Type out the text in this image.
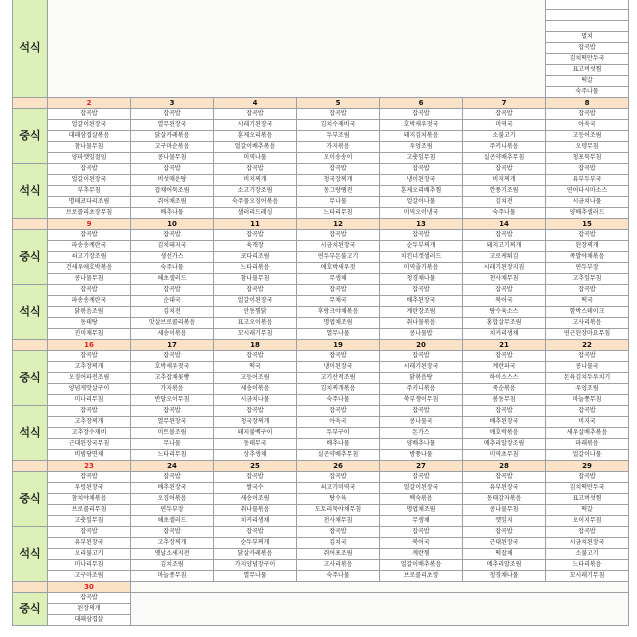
석식							

							멸치
							잡곡밥
							김치떡만두국
							표고버섯찜
							떡갈
							숙주나물
	2	3	4	5	6	7	8
중식	잡곡밥	잡곡밥	잡곡밥	잡곡밥	잡곡밥	잡곡밥	잡곡밥
	얼갈이된장국	열무된장국	시래기된장국	김치수제비국	호박새우젓국	미역국	아욱국
	대패삼겹살볶음	닭살카레볶음	훈제오리볶음	두부조림	돼지김치볶음	소불고기	고등어조림
	참나물무침	고구마순볶음	얼갈이배추볶음	가지볶음	우엉조림	주키니볶음	오뎅무침
	양파깻잎절임	콩나물무침	미역나물	오이송송이	고춧잎무침	실곤약배추무침	청포묵무침
석식	잡곡밥	잡곡밥	잡곡밥	잡곡밥	잡곡밥	잡곡밥	잡곡밥
	얼갈이된장국	버섯매운탕	비지찌개	청국장찌개	냉이된장국	비지찌개	유부두부국
	부추무침	잡채어묵조림	소고기장조림	동그랑땡전	훈제오리배추찜	깐풍기조림	연어다시마소스
	명태코다리조림	쥐어채조림	숙주물오징어볶음	무나물	얼갈이나물	김치전	시금치나물
	브로콜리초장무침	배추나물	샐러리드레싱	느타리무침	미역오이냉국	숙주나물	양배추샐러드
	9	10	11	12	13	14	15
중식	잡곡밥	잡곡밥	잡곡밥	잡곡밥	잡곡밥	잡곡밥	잡곡밥
	파송송계란국	김치돼지국	육개장	시금치된장국	순두부찌개	돼지고기찌개	된장찌개
	쇠고기장조림	생선가스	코다리조림	연두부돈불고기	치킨너겟샐러드	고로케튀김	족발야채볶음
	건새우애호박볶음	숙주나물	느타리볶음	애호박새우젓	미역줄기볶음	시래기된장지짐	연두부장
	콩나물무침	해초샐러드	참나물무침	무생채	청경채나물	천사채무침	고추잎무침
석식	잡곡밥	잡곡밥	잡곡밥	잡곡밥	잡곡밥	잡곡밥	잡곡밥
	파송송계란국	순대국	얼갈이된장국	무채국	배추된장국	북어국	떡국
	닭볶음조림	김치전	안동찜닭	후랑크야채볶음	계란장조림	탕수육소스	함박스테이크
	동태탕	맛살브로콜리볶음	표고오이볶음	명엽채조림	취나물볶음	홍합살무조림	고사리볶음
	진미채무침	세송이볶음	꼬시래기무침	열무나물	콩나물밥	치커리생채	연근된장마요무침
	16	17	18	19	20	21	22
중식	잡곡밥	잡곡밥	잡곡밥	잡곡밥	잡곡밥	잡곡밥	잡곡밥
	고추장찌개	호박새우젓국	떡국	냉이된장국	시래기된장국	계란파국	콩나물국
	오징어파전조림	고추잡채꽃빵	고등어조림	고기산적조림	닭볶음탕	하이소스스	돈육김치두루치기
	양념게맛살구이	가지볶음	세송이볶음	김치찌개볶음	주키니볶음	죽순볶음	우엉조림
	미나리무침	반달오이무침	시금치나물	숙주나물	쑥부쟁이무침	봄동무침	마늘쫑무침
석식	잡곡밥	잡곡밥	잡곡밥	잡곡밥	잡곡밥	잡곡밥	잡곡밥
	고추장찌개	열무된장국	청국장찌개	아욱국	콩나물국	배추된장국	비지국
	고추장수재비	미트볼조림	돼지불백구이	두부구이	돈가스	애호박볶음	새우살배추볶음
	근대된장국무침	무나물	동태무국	배추나물	양배추나물	메추리알장조림	파래볶음
	비빔당면채	느타리무침	상추생채	실곤약배추무침	방풍나물	미역초무침	얼갈이나물
	23	24	25	26	27	28	29
중식	잡곡밥	잡곡밥	잡곡밥	잡곡밥	잡곡밥	잡곡밥	잡곡밥
	우렁된장국	배추된장국	쌀국수	쇠고기미역국	얼갈이된장국	유부된장국	김치떡만두국
	참치야채볶음	오징어볶음	새송이조림	탕수육	백숙볶음	동태감자볶음	표고버섯찜
	브로콜리무침	연두부장	취나물볶음	도토리묵야채무침	명엽채조림	콩나물무침	떡갈
	고춧잎무침	해초샐러드	치커리생채	천사채무침	무생채	깻잎지	오이지무침
석식	잡곡밥	잡곡밥	잡곡밥	잡곡밥	잡곡밥	잡곡밥	잡곡밥
	유부된장국	고추장찌개	순두부찌개	김치국	북어국	근대된장국	시금치된장국
	오리불고기	옛날소세지전	닭살카레볶음	쥐어포조림	계란찜	떡잡채	소불고기
	미나리무침	김치조림	가지양념장구이	고사리볶음	얼갈이배추볶음	메추리알조림	느타리볶음
	고구마조림	마늘종무침	열무나물	숙주나물	브로콜리초장	청경채나물	꼬시래기무침
	30						
중식	잡곡밥						
	된장찌개						
	대패삼겹살						
